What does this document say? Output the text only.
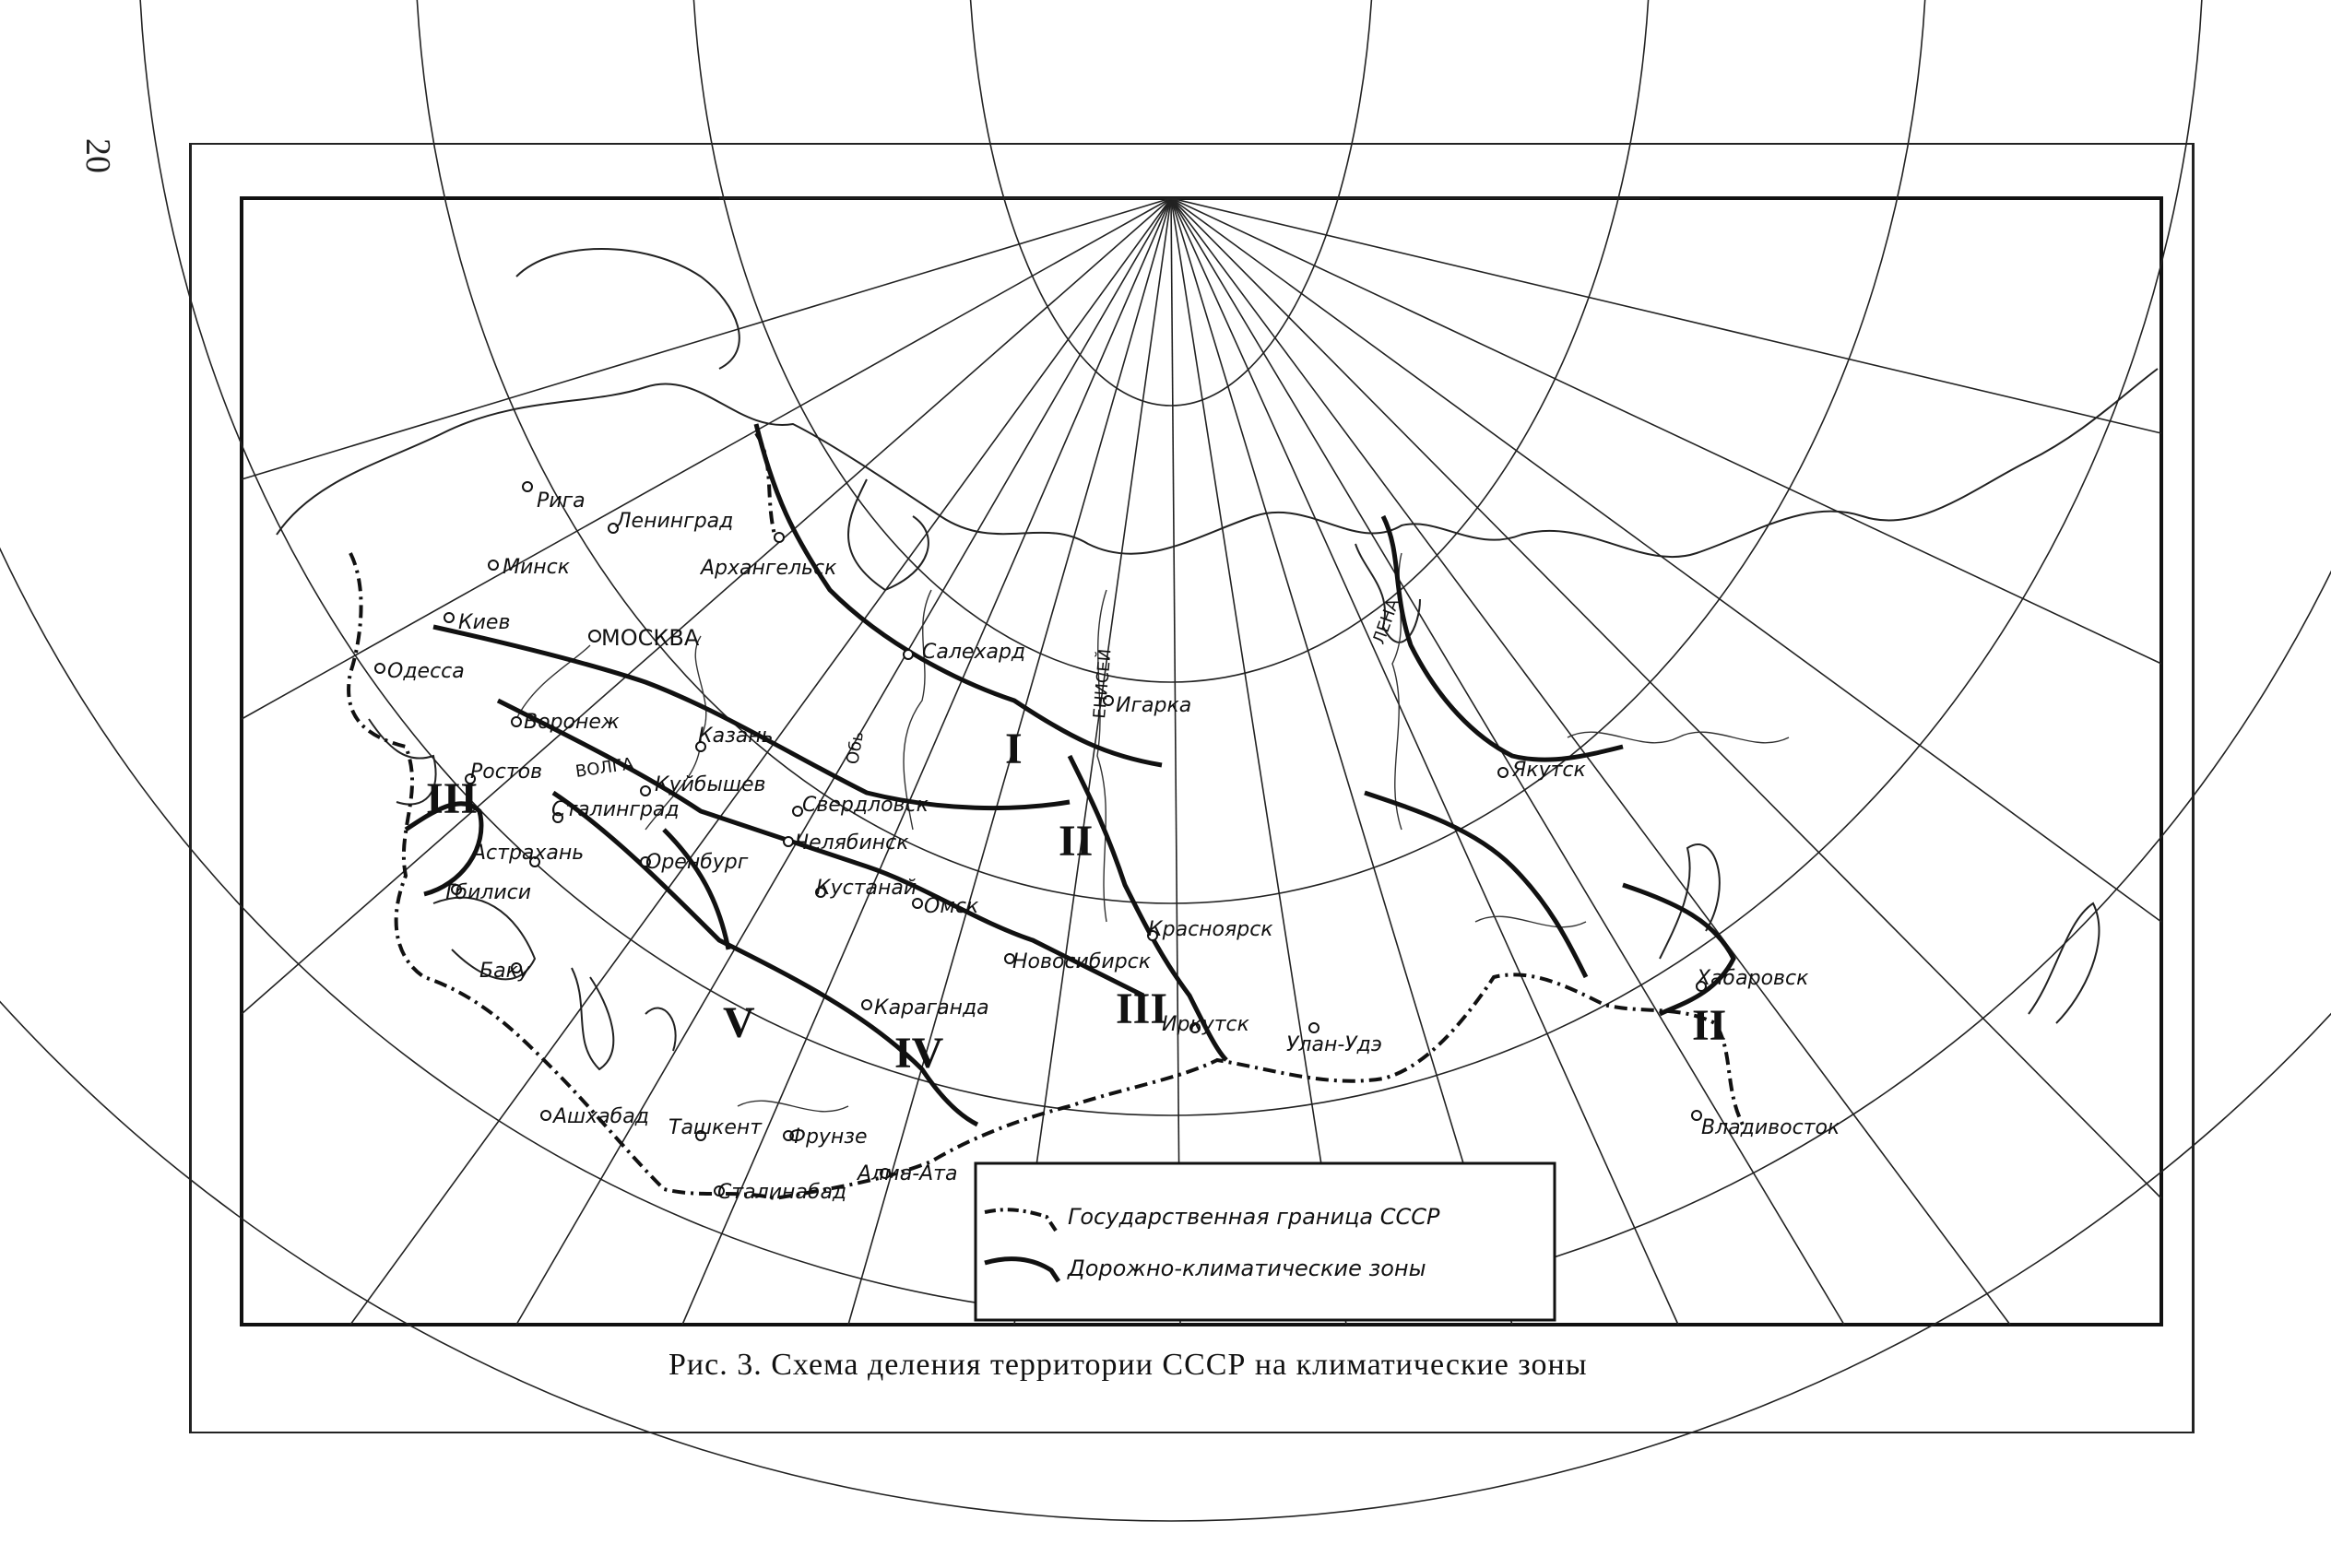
20
Рига
Ленинград
Минск
Киев
МОСКВА
Архангельск
Одесса
Воронеж
Казань
Ростов
Куйбышев
Сталинград	Свердловск
Челябинск
Астрахань	Оренбург
Тбилиси	Кустанай
Омск
Баку
Салехард
Игарка
Якутск
Красноярск
Новосибирск
Караганда
Иркутск
Улан-Удэ
Хабаровск
Владивосток
Ашхабад Ташкент Фрунзе
Алма-Ата
Сталинабад
Обь
ЕНИСЕЙ
ЛЕНА
ВОЛГА	I
II
III
IV
V	II
III
Государственная граница СССР
Дорожно-климатические зоны
Рис. 3. Схема деления территории СССР на климатические зоны
